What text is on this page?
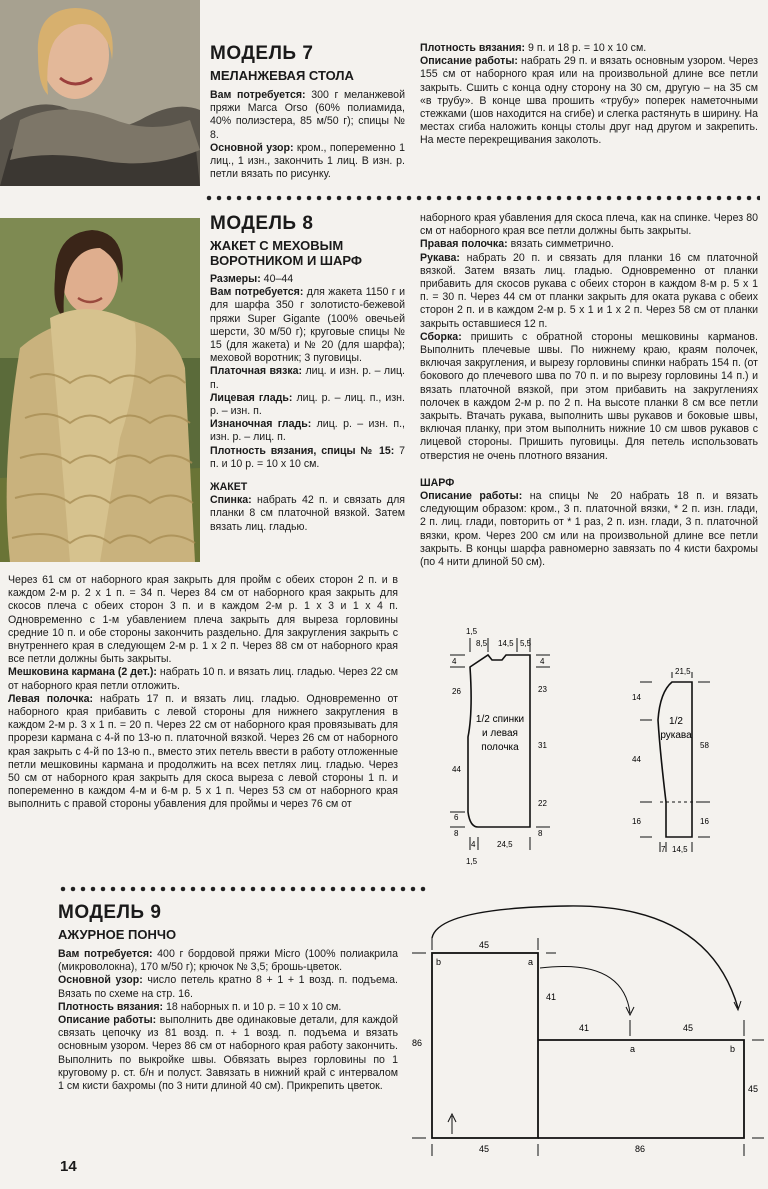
МОДЕЛЬ 7

МЕЛАНЖЕВАЯ СТОЛА

Вам потребуется: 300 г меланжевой пряжи Marca Orso (60% полиамида, 40% полиэстера, 85 м/50 г); спицы № 8.

Основной узор: кром., попеременно 1 лиц., 1 изн., закончить 1 лиц. В изн. р. петли вязать по рисунку.

Плотность вязания: 9 п. и 18 р. = 10 x 10 см.

Описание работы: набрать 29 п. и вязать основным узором. Через 155 см от наборного края или на произвольной длине все петли закрыть. Сшить с конца одну сторону на 30 см, другую – на 35 см «в трубу». В конце шва прошить «трубу» поперек наметочными стежками (шов находится на сгибе) и слегка растянуть в ширину. На местах сгиба наложить концы столы друг над другом и закрепить. На месте перекрещивания заколоть.

МОДЕЛЬ 8

ЖАКЕТ С МЕХОВЫМ ВОРОТНИКОМ И ШАРФ

Размеры: 40–44

Вам потребуется: для жакета 1150 г и для шарфа 350 г золотисто-бежевой пряжи Super Gigante (100% овечьей шерсти, 30 м/50 г); круговые спицы № 15 (для жакета) и № 20 (для шарфа); меховой воротник; 3 пуговицы.

Платочная вязка: лиц. и изн. р. – лиц. п.

Лицевая гладь: лиц. р. – лиц. п., изн. р. – изн. п.

Изнаночная гладь: лиц. р. – изн. п., изн. р. – лиц. п.

Плотность вязания, спицы № 15: 7 п. и 10 р. = 10 x 10 см.

ЖАКЕТ

Спинка: набрать 42 п. и связать для планки 8 см платочной вязкой. Затем вязать лиц. гладью.

Через 61 см от наборного края закрыть для пройм с обеих сторон 2 п. и в каждом 2-м р. 2 x 1 п. = 34 п. Через 84 см от наборного края закрыть для скосов плеча с обеих сторон 3 п. и в каждом 2-м р. 1 x 3 и 1 x 4 п. Одновременно с 1-м убавлением плеча закрыть для выреза горловины средние 10 п. и обе стороны закончить раздельно. Для закругления закрыть с внутреннего края в следующем 2-м р. 1 x 2 п. Через 88 см от наборного края все петли должны быть закрыты.

Мешковина кармана (2 дет.): набрать 10 п. и вязать лиц. гладью. Через 22 см от наборного края петли отложить.

Левая полочка: набрать 17 п. и вязать лиц. гладью. Одновременно от наборного края прибавить с левой стороны для нижнего закругления в каждом 2-м р. 3 x 1 п. = 20 п. Через 22 см от наборного края провязывать для прорези кармана с 4-й по 13-ю п. платочной вязкой. Через 26 см от наборного края закрыть с 4-й по 13-ю п., вместо этих петель ввести в работу отложенные петли мешковины кармана и продолжить на всех петлях лиц. гладью. Через 50 см от наборного края закрыть для скоса выреза с левой стороны 1 п. и попеременно в каждом 4-м и 6-м р. 5 x 1 п. Через 53 см от наборного края выполнить с правой стороны убавления для проймы и через 76 см от

наборного края убавления для скоса плеча, как на спинке. Через 80 см от наборного края все петли должны быть закрыты.

Правая полочка: вязать симметрично.

Рукава: набрать 20 п. и связать для планки 16 см платочной вязкой. Затем вязать лиц. гладью. Одновременно от планки прибавить для скосов рукава с обеих сторон в каждом 8-м р. 5 x 1 п. = 30 п. Через 44 см от планки закрыть для оката рукава с обеих сторон 2 п. и в каждом 2-м р. 5 x 1 и 1 x 2 п. Через 58 см от планки закрыть оставшиеся 12 п.

Сборка: пришить с обратной стороны мешковины карманов. Выполнить плечевые швы. По нижнему краю, краям полочек, включая закругления, и вырезу горловины спинки набрать 154 п. (от бокового до плечевого шва по 70 п. и по вырезу горловины 14 п.) и вязать платочной вязкой, при этом прибавить на закруглениях полочек в каждом 2-м р. по 2 п. На высоте планки 8 см все петли закрыть. Втачать рукава, выполнить швы рукавов и боковые швы, включая планку, при этом выполнить нижние 10 см швов рукавов с лицевой стороны. Пришить пуговицы. Для петель использовать отверстия не очень плотного вязания.

ШАРФ

Описание работы: на спицы № 20 набрать 18 п. и вязать следующим образом: кром., 3 п. платочной вязки, * 2 п. изн. глади, 2 п. лиц. глади, повторить от * 1 раз, 2 п. изн. глади, 3 п. платочной вязки, кром. Через 200 см или на произвольной длине все петли закрыть. В концы шарфа равномерно завязать по 4 кисти бахромы (по 4 нити длиной 50 см).

1,5
8,5 14,5 5,5
4
26
44
6
8
4
23
31
22
8
4	24,5
1,5
1/2 спинки
и левая
полочка
21,5
14
44
16
58
16
7 14,5
1/2
рукава

МОДЕЛЬ 9

АЖУРНОЕ ПОНЧО

Вам потребуется: 400 г бордовой пряжи Micro (100% полиакрила (микроволокна), 170 м/50 г); крючок № 3,5; брошь-цветок.

Основной узор: число петель кратно 8 + 1 + 1 возд. п. подъема. Вязать по схеме на стр. 16.

Плотность вязания: 18 наборных п. и 10 р. = 10 x 10 см.

Описание работы: выполнить две одинаковые детали, для каждой связать цепочку из 81 возд. п. + 1 возд. п. подъема и вязать основным узором. Через 86 см от наборного края работу закончить. Выполнить по выкройке швы. Обвязать вырез горловины по 1 круговому р. ст. б/н и полуст. Завязать в нижний край с интервалом 1 см кисти бахромы (по 3 нити длиной 40 см). Прикрепить цветок.

45
41
41	45
86
45
45	86
b	a
a	b
14
